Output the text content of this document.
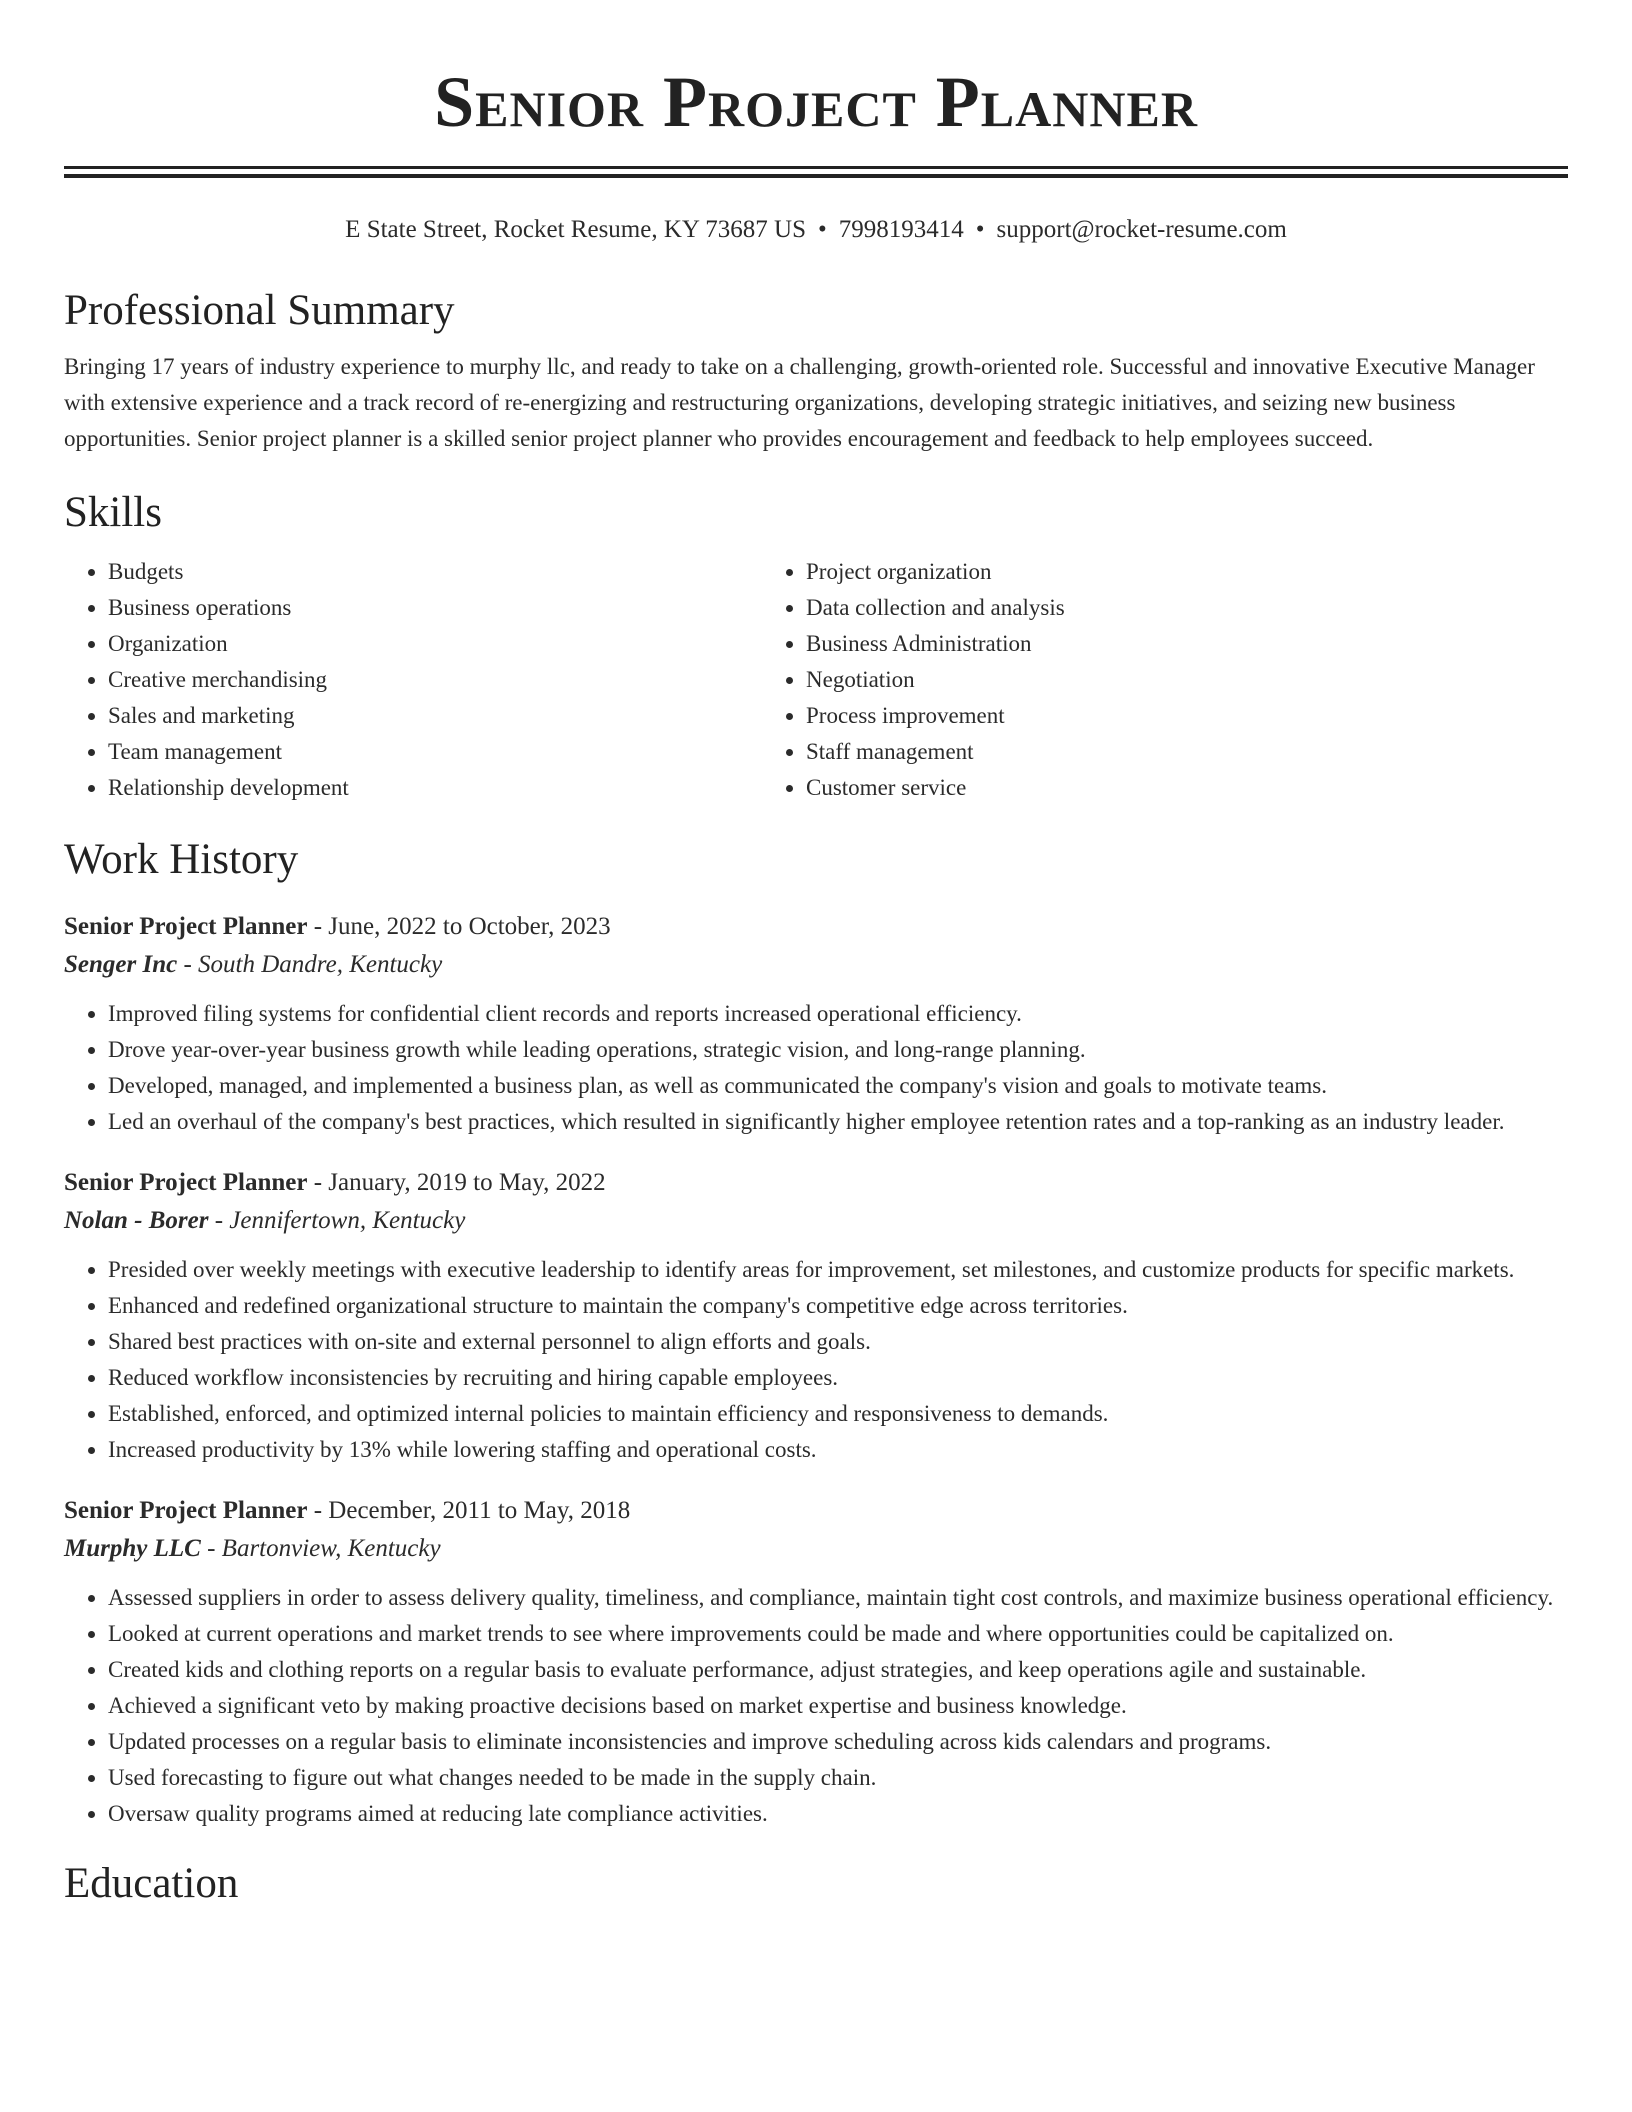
Senior Project Planner
E State Street, Rocket Resume, KY 73687 US • 7998193414 • support@rocket-resume.com
Professional Summary

Bringing 17 years of industry experience to murphy llc, and ready to take on a challenging, growth-oriented role. Successful and innovative Executive Manager with extensive experience and a track record of re-energizing and restructuring organizations, developing strategic initiatives, and seizing new business opportunities. Senior project planner is a skilled senior project planner who provides encouragement and feedback to help employees succeed.

Skills
• Budgets
• Business operations
• Organization
• Creative merchandising
• Sales and marketing
• Team management
• Relationship development
• Project organization
• Data collection and analysis
• Business Administration
• Negotiation
• Process improvement
• Staff management
• Customer service
Work History
Senior Project Planner - June, 2022 to October, 2023
Senger Inc - South Dandre, Kentucky
• Improved filing systems for confidential client records and reports increased operational efficiency.
• Drove year-over-year business growth while leading operations, strategic vision, and long-range planning.
• Developed, managed, and implemented a business plan, as well as communicated the company's vision and goals to motivate teams.
• Led an overhaul of the company's best practices, which resulted in significantly higher employee retention rates and a top-ranking as an industry leader.
Senior Project Planner - January, 2019 to May, 2022
Nolan - Borer - Jennifertown, Kentucky
• Presided over weekly meetings with executive leadership to identify areas for improvement, set milestones, and customize products for specific markets.
• Enhanced and redefined organizational structure to maintain the company's competitive edge across territories.
• Shared best practices with on-site and external personnel to align efforts and goals.
• Reduced workflow inconsistencies by recruiting and hiring capable employees.
• Established, enforced, and optimized internal policies to maintain efficiency and responsiveness to demands.
• Increased productivity by 13% while lowering staffing and operational costs.
Senior Project Planner - December, 2011 to May, 2018
Murphy LLC - Bartonview, Kentucky
• Assessed suppliers in order to assess delivery quality, timeliness, and compliance, maintain tight cost controls, and maximize business operational efficiency.
• Looked at current operations and market trends to see where improvements could be made and where opportunities could be capitalized on.
• Created kids and clothing reports on a regular basis to evaluate performance, adjust strategies, and keep operations agile and sustainable.
• Achieved a significant veto by making proactive decisions based on market expertise and business knowledge.
• Updated processes on a regular basis to eliminate inconsistencies and improve scheduling across kids calendars and programs.
• Used forecasting to figure out what changes needed to be made in the supply chain.
• Oversaw quality programs aimed at reducing late compliance activities.
Education
